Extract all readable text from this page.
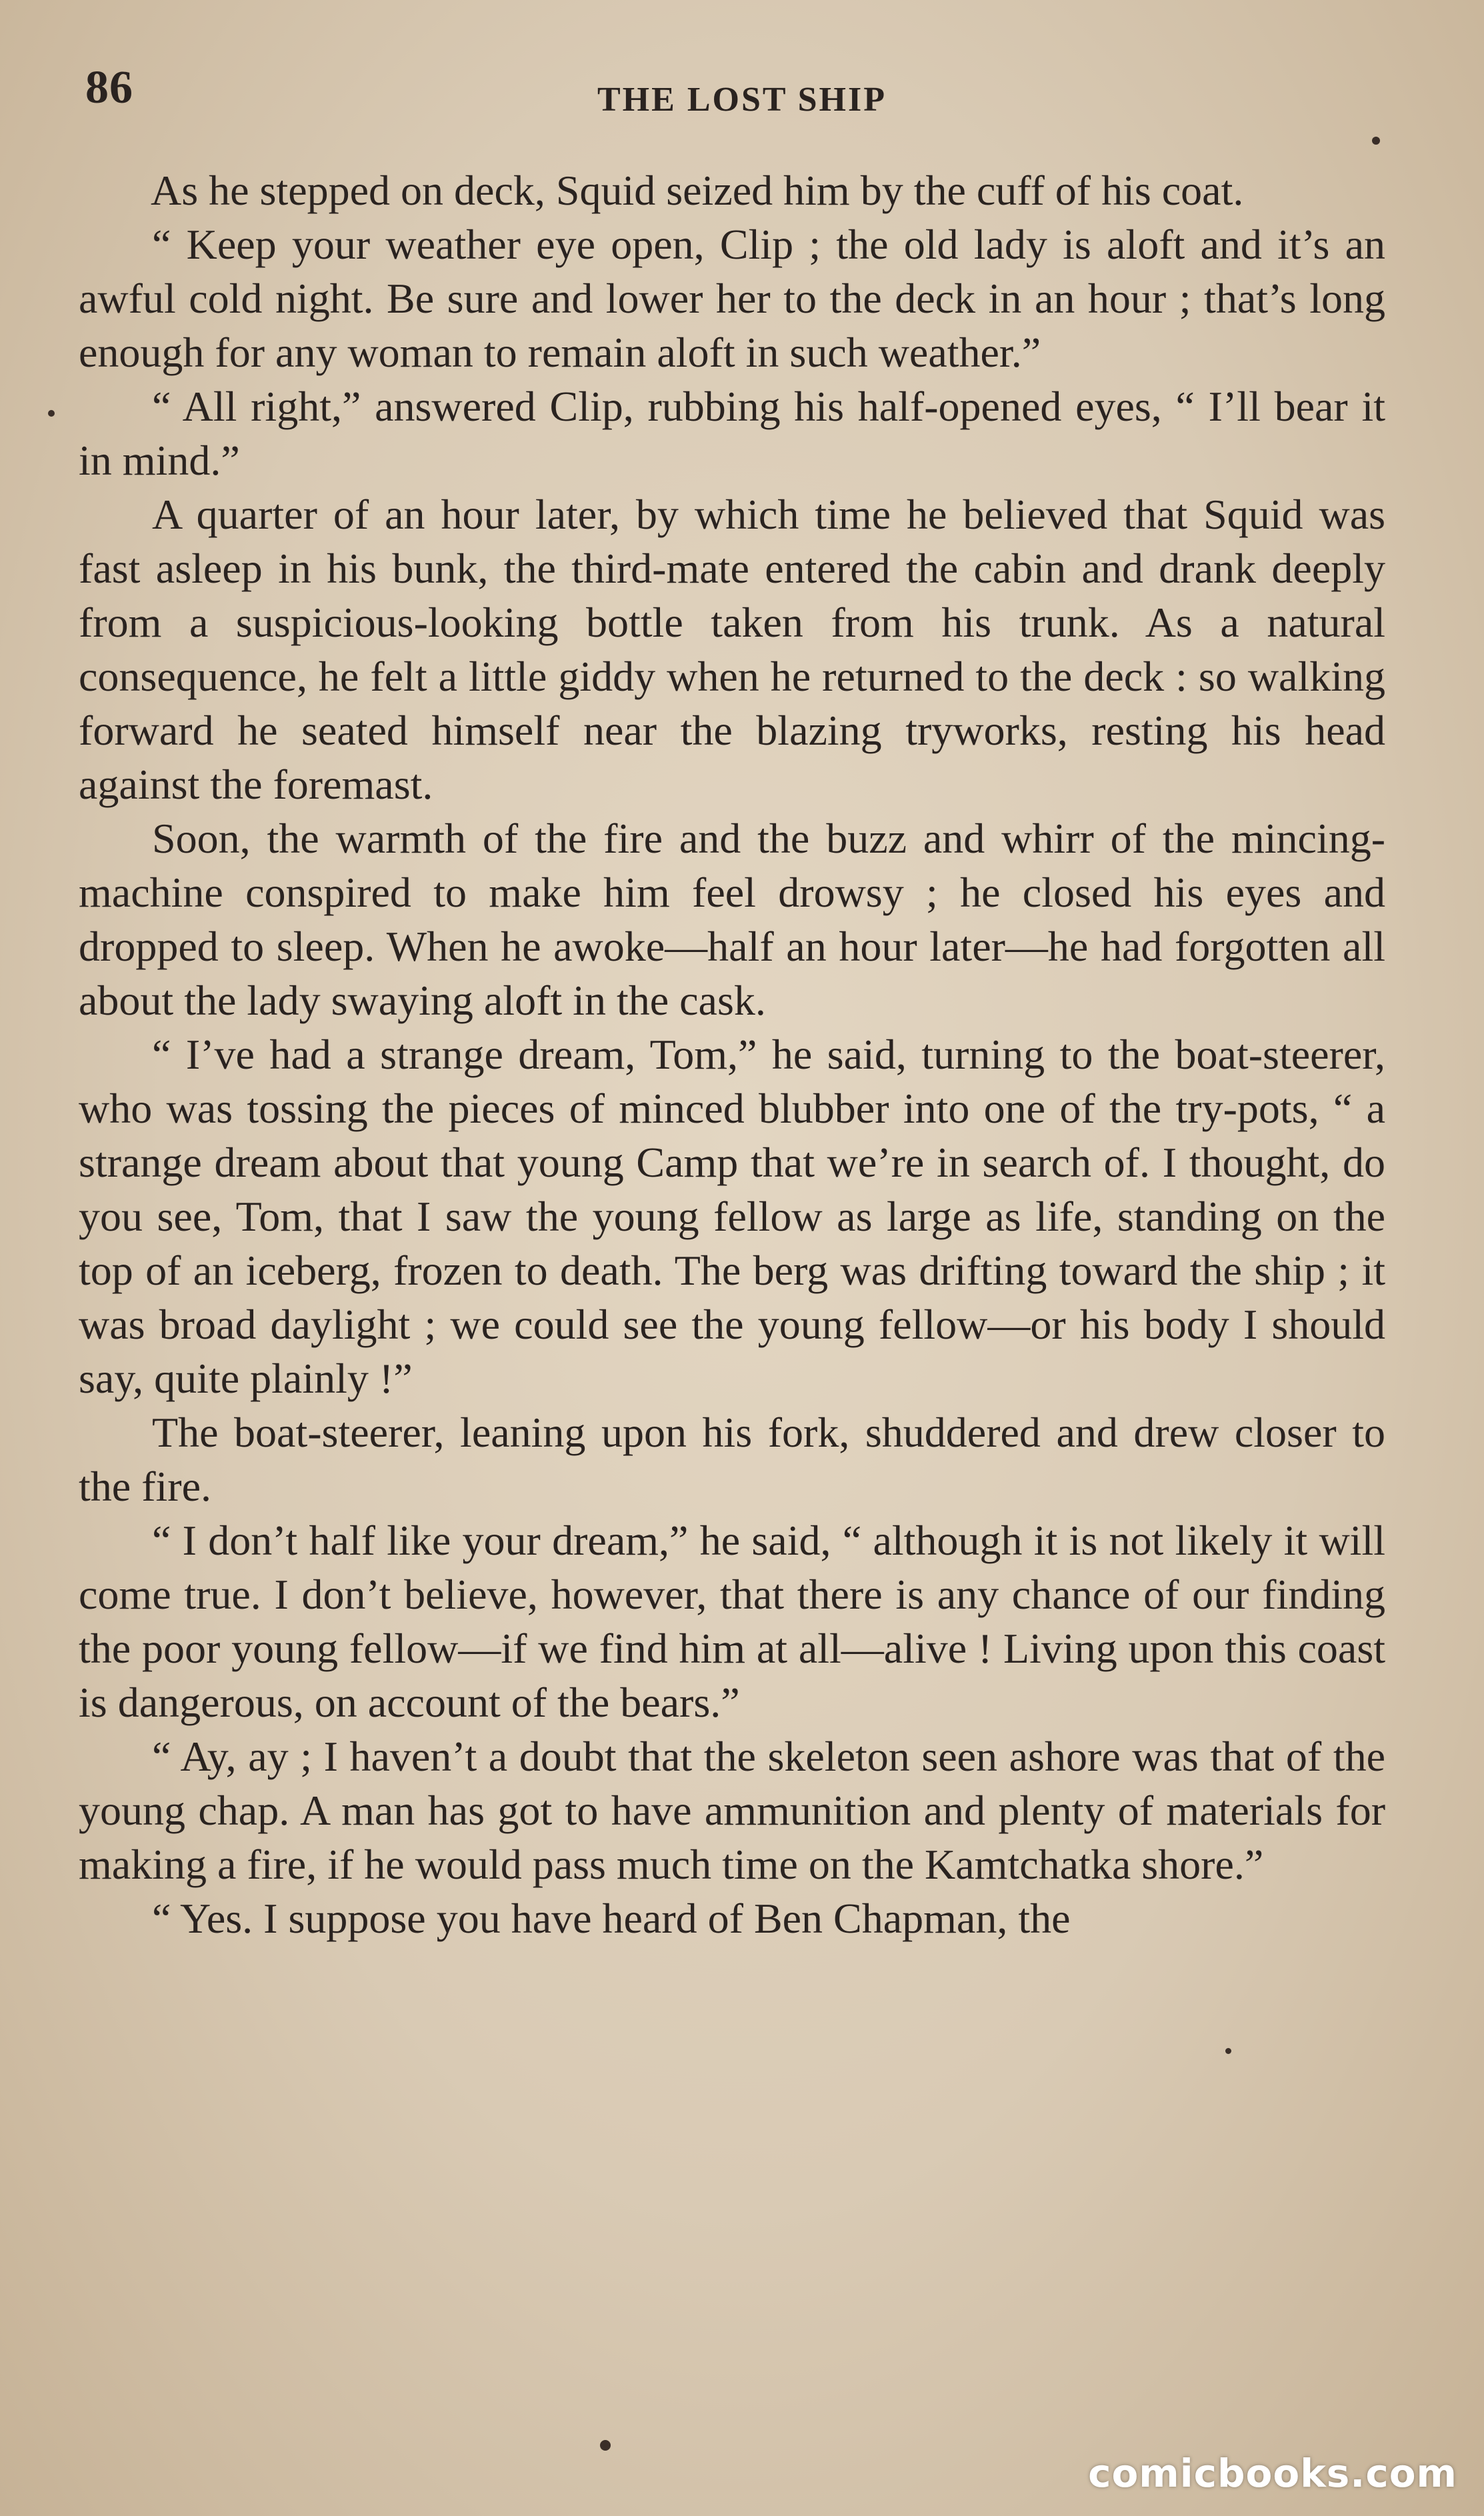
86	THE LOST SHIP

As he stepped on deck, Squid seized him by the cuff of his coat.

“ Keep your weather eye open, Clip ; the old lady is aloft and it’s an awful cold night. Be sure and lower her to the deck in an hour ; that’s long enough for any woman to remain aloft in such weather.”

“ All right,” answered Clip, rubbing his half-opened eyes, “ I’ll bear it in mind.”

A quarter of an hour later, by which time he believed that Squid was fast asleep in his bunk, the third-mate entered the cabin and drank deeply from a suspicious-looking bottle taken from his trunk. As a natural consequence, he felt a little giddy when he returned to the deck : so walking forward he seated himself near the blazing tryworks, resting his head against the foremast.

Soon, the warmth of the fire and the buzz and whirr of the mincing-machine conspired to make him feel drowsy ; he closed his eyes and dropped to sleep. When he awoke—half an hour later—he had forgotten all about the lady swaying aloft in the cask.

“ I’ve had a strange dream, Tom,” he said, turning to the boat-steerer, who was tossing the pieces of minced blubber into one of the try-pots, “ a strange dream about that young Camp that we’re in search of. I thought, do you see, Tom, that I saw the young fellow as large as life, standing on the top of an iceberg, frozen to death. The berg was drifting toward the ship ; it was broad daylight ; we could see the young fellow—or his body I should say, quite plainly !”

The boat-steerer, leaning upon his fork, shuddered and drew closer to the fire.

“ I don’t half like your dream,” he said, “ although it is not likely it will come true. I don’t believe, however, that there is any chance of our finding the poor young fellow—if we find him at all—alive ! Living upon this coast is dangerous, on account of the bears.”

“ Ay, ay ; I haven’t a doubt that the skeleton seen ashore was that of the young chap. A man has got to have ammunition and plenty of materials for making a fire, if he would pass much time on the Kamtchatka shore.”

“ Yes. I suppose you have heard of Ben Chapman, the

comicbooks.com
